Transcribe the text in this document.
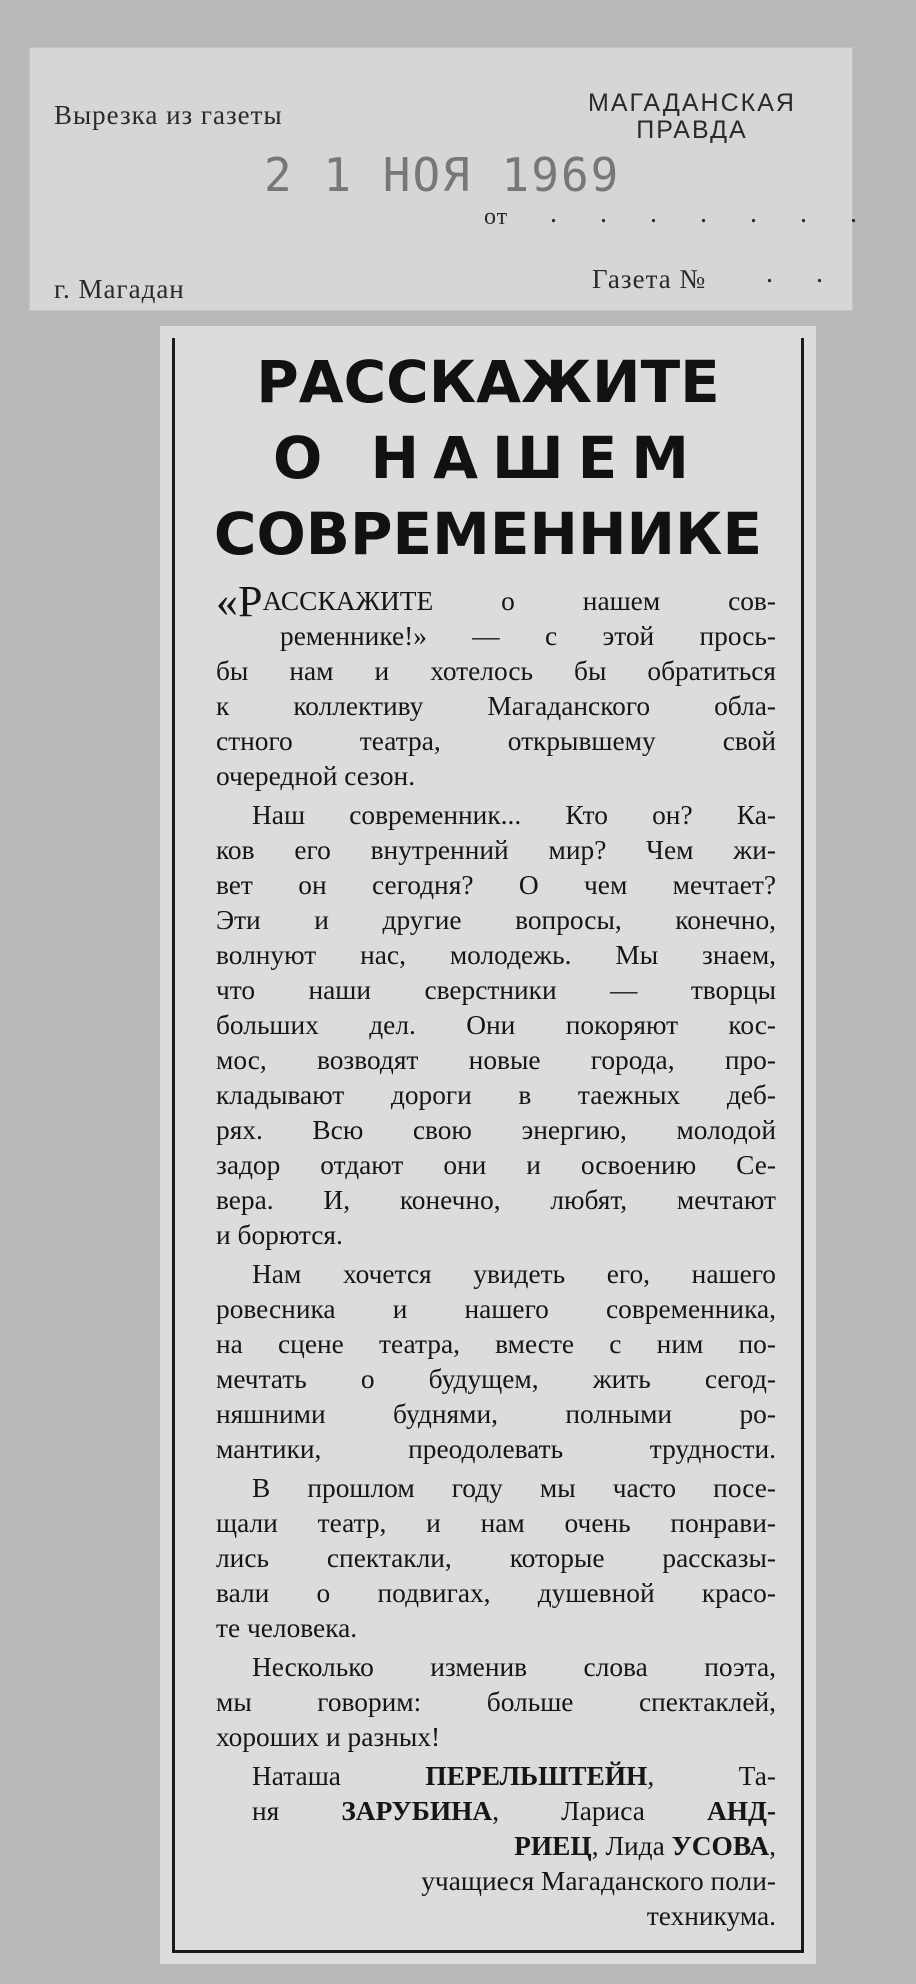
Вырезка из газеты	МАГАДАНСКАЯ
ПРАВДА
2 1 НОЯ 1969
от . . . . . . .
г. Магадан	Газета № . .
РАССКАЖИТЕ
О НАШЕМ
СОВРЕМЕННИКЕ
«РАССКАЖИТЕ о нашем сов-
ременнике!» — с этой прось-
бы нам и хотелось бы обратиться
к коллективу Магаданского обла-
стного театра, открывшему свой
очередной сезон.
Наш современник... Кто он? Ка-
ков его внутренний мир? Чем жи-
вет он сегодня? О чем мечтает?
Эти и другие вопросы, конечно,
волнуют нас, молодежь. Мы знаем,
что наши сверстники — творцы
больших дел. Они покоряют кос-
мос, возводят новые города, про-
кладывают дороги в таежных деб-
рях. Всю свою энергию, молодой
задор отдают они и освоению Се-
вера. И, конечно, любят, мечтают
и борются.
Нам хочется увидеть его, нашего
ровесника и нашего современника,
на сцене театра, вместе с ним по-
мечтать о будущем, жить сегод-
няшними буднями, полными ро-
мантики, преодолевать трудности.
В прошлом году мы часто посе-
щали театр, и нам очень понрави-
лись спектакли, которые рассказы-
вали о подвигах, душевной красо-
те человека.
Несколько изменив слова поэта,
мы говорим: больше спектаклей,
хороших и разных!
Наташа ПЕРЕЛЬШТЕЙН, Та-
ня ЗАРУБИНА, Лариса АНД-
РИЕЦ, Лида УСОВА,
учащиеся Магаданского поли-
техникума.
